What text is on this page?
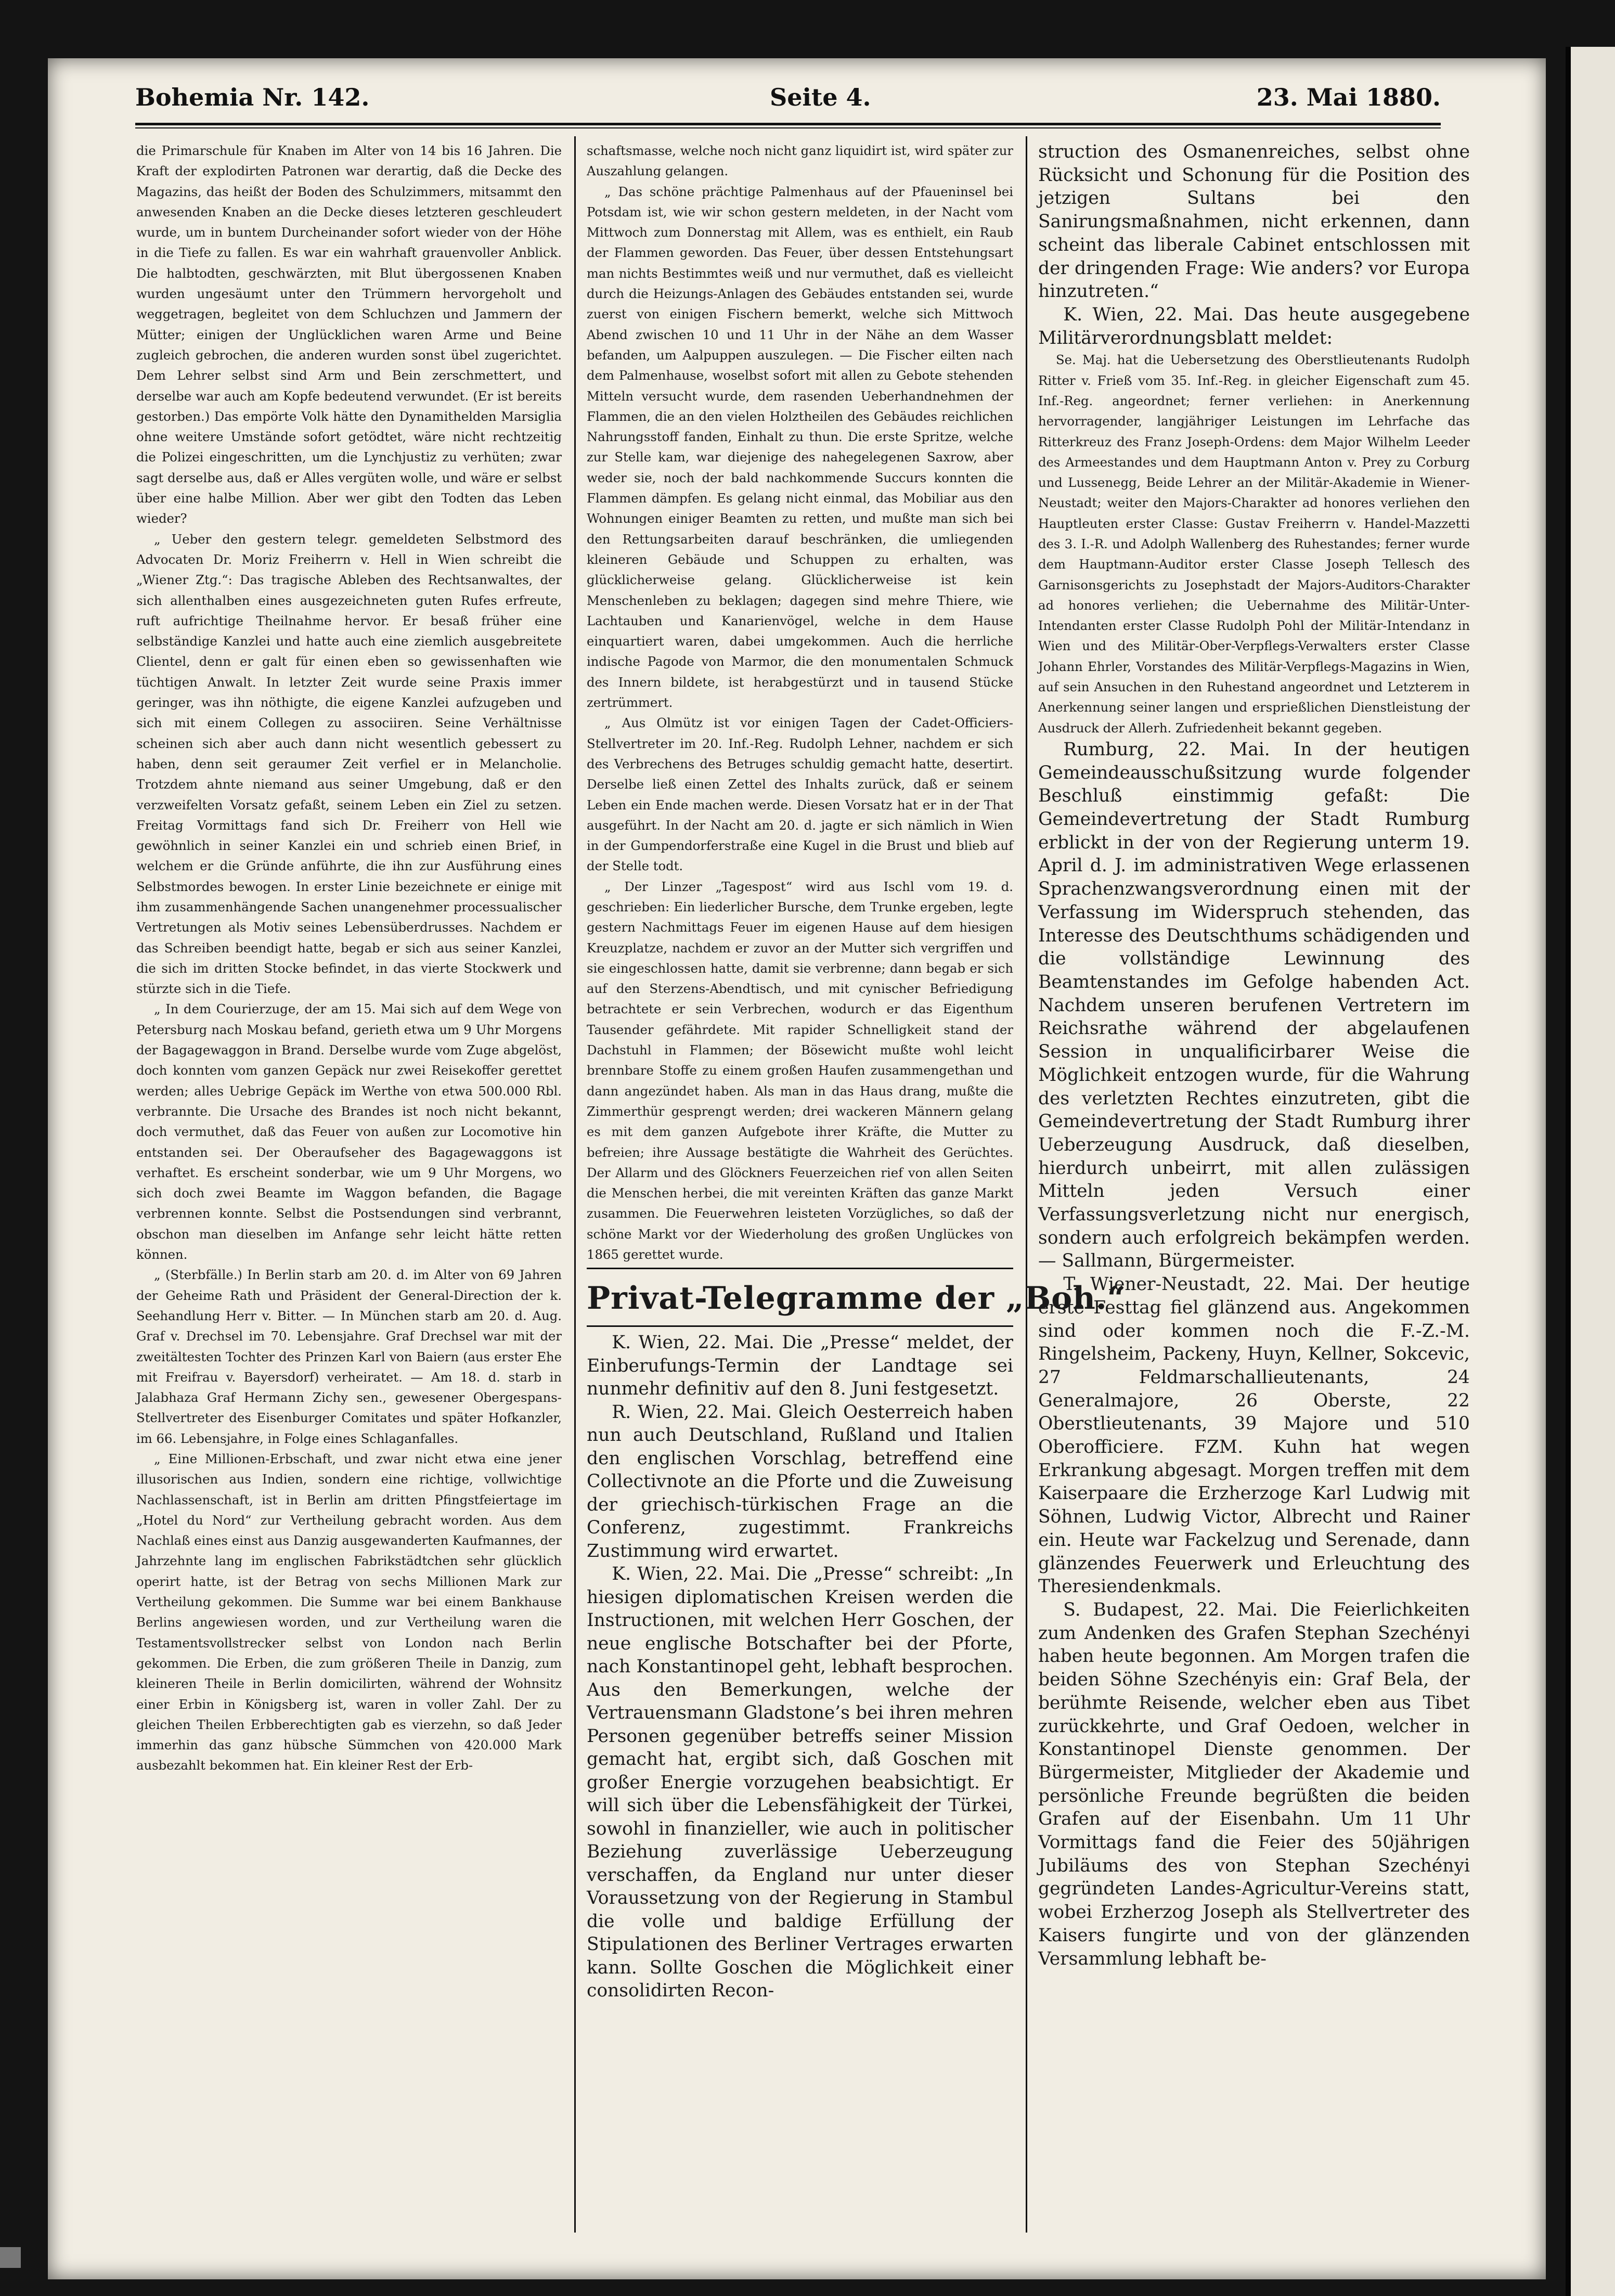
Bohemia Nr. 142.	Seite 4.	23. Mai 1880.

die Primarschule für Knaben im Alter von 14 bis 16 Jahren. Die Kraft der explodirten Patronen war derartig, daß die Decke des Magazins, das heißt der Boden des Schulzimmers, mitsammt den anwesenden Knaben an die Decke dieses letzteren geschleudert wurde, um in buntem Durcheinander sofort wieder von der Höhe in die Tiefe zu fallen. Es war ein wahrhaft grauenvoller Anblick. Die halbtodten, geschwärzten, mit Blut übergossenen Knaben wurden ungesäumt unter den Trümmern hervorgeholt und weggetragen, begleitet von dem Schluchzen und Jammern der Mütter; einigen der Unglücklichen waren Arme und Beine zugleich gebrochen, die anderen wurden sonst übel zugerichtet. Dem Lehrer selbst sind Arm und Bein zerschmettert, und derselbe war auch am Kopfe bedeutend verwundet. (Er ist bereits gestorben.) Das empörte Volk hätte den Dynamithelden Marsiglia ohne weitere Umstände sofort getödtet, wäre nicht rechtzeitig die Polizei eingeschritten, um die Lynchjustiz zu verhüten; zwar sagt derselbe aus, daß er Alles vergüten wolle, und wäre er selbst über eine halbe Million. Aber wer gibt den Todten das Leben wieder?

„ Ueber den gestern telegr. gemeldeten Selbstmord des Advocaten Dr. Moriz Freiherrn v. Hell in Wien schreibt die „Wiener Ztg.“: Das tragische Ableben des Rechtsanwaltes, der sich allenthalben eines ausgezeichneten guten Rufes erfreute, ruft aufrichtige Theilnahme hervor. Er besaß früher eine selbständige Kanzlei und hatte auch eine ziemlich ausgebreitete Clientel, denn er galt für einen eben so gewissenhaften wie tüchtigen Anwalt. In letzter Zeit wurde seine Praxis immer geringer, was ihn nöthigte, die eigene Kanzlei aufzugeben und sich mit einem Collegen zu associiren. Seine Verhältnisse scheinen sich aber auch dann nicht wesentlich gebessert zu haben, denn seit geraumer Zeit verfiel er in Melancholie. Trotzdem ahnte niemand aus seiner Umgebung, daß er den verzweifelten Vorsatz gefaßt, seinem Leben ein Ziel zu setzen. Freitag Vormittags fand sich Dr. Freiherr von Hell wie gewöhnlich in seiner Kanzlei ein und schrieb einen Brief, in welchem er die Gründe anführte, die ihn zur Ausführung eines Selbstmordes bewogen. In erster Linie bezeichnete er einige mit ihm zusammenhängende Sachen unangenehmer processualischer Vertretungen als Motiv seines Lebensüberdrusses. Nachdem er das Schreiben beendigt hatte, begab er sich aus seiner Kanzlei, die sich im dritten Stocke befindet, in das vierte Stockwerk und stürzte sich in die Tiefe.

„ In dem Courierzuge, der am 15. Mai sich auf dem Wege von Petersburg nach Moskau befand, gerieth etwa um 9 Uhr Morgens der Bagagewaggon in Brand. Derselbe wurde vom Zuge abgelöst, doch konnten vom ganzen Gepäck nur zwei Reisekoffer gerettet werden; alles Uebrige Gepäck im Werthe von etwa 500.000 Rbl. verbrannte. Die Ursache des Brandes ist noch nicht bekannt, doch vermuthet, daß das Feuer von außen zur Locomotive hin entstanden sei. Der Oberaufseher des Bagagewaggons ist verhaftet. Es erscheint sonderbar, wie um 9 Uhr Morgens, wo sich doch zwei Beamte im Waggon befanden, die Bagage verbrennen konnte. Selbst die Postsendungen sind verbrannt, obschon man dieselben im Anfange sehr leicht hätte retten können.

„ (Sterbfälle.) In Berlin starb am 20. d. im Alter von 69 Jahren der Geheime Rath und Präsident der General-Direction der k. Seehandlung Herr v. Bitter. — In München starb am 20. d. Aug. Graf v. Drechsel im 70. Lebensjahre. Graf Drechsel war mit der zweitältesten Tochter des Prinzen Karl von Baiern (aus erster Ehe mit Freifrau v. Bayersdorf) verheiratet. — Am 18. d. starb in Jalabhaza Graf Hermann Zichy sen., gewesener Obergespans-Stellvertreter des Eisenburger Comitates und später Hofkanzler, im 66. Lebensjahre, in Folge eines Schlaganfalles.

„ Eine Millionen-Erbschaft, und zwar nicht etwa eine jener illusorischen aus Indien, sondern eine richtige, vollwichtige Nachlassenschaft, ist in Berlin am dritten Pfingstfeiertage im „Hotel du Nord“ zur Vertheilung gebracht worden. Aus dem Nachlaß eines einst aus Danzig ausgewanderten Kaufmannes, der Jahrzehnte lang im englischen Fabrikstädtchen sehr glücklich operirt hatte, ist der Betrag von sechs Millionen Mark zur Vertheilung gekommen. Die Summe war bei einem Bankhause Berlins angewiesen worden, und zur Vertheilung waren die Testamentsvollstrecker selbst von London nach Berlin gekommen. Die Erben, die zum größeren Theile in Danzig, zum kleineren Theile in Berlin domicilirten, während der Wohnsitz einer Erbin in Königsberg ist, waren in voller Zahl. Der zu gleichen Theilen Erbberechtigten gab es vierzehn, so daß Jeder immerhin das ganz hübsche Sümmchen von 420.000 Mark ausbezahlt bekommen hat. Ein kleiner Rest der Erb-

schaftsmasse, welche noch nicht ganz liquidirt ist, wird später zur Auszahlung gelangen.

„ Das schöne prächtige Palmenhaus auf der Pfaueninsel bei Potsdam ist, wie wir schon gestern meldeten, in der Nacht vom Mittwoch zum Donnerstag mit Allem, was es enthielt, ein Raub der Flammen geworden. Das Feuer, über dessen Entstehungsart man nichts Bestimmtes weiß und nur vermuthet, daß es vielleicht durch die Heizungs-Anlagen des Gebäudes entstanden sei, wurde zuerst von einigen Fischern bemerkt, welche sich Mittwoch Abend zwischen 10 und 11 Uhr in der Nähe an dem Wasser befanden, um Aalpuppen auszulegen. — Die Fischer eilten nach dem Palmenhause, woselbst sofort mit allen zu Gebote stehenden Mitteln versucht wurde, dem rasenden Ueberhandnehmen der Flammen, die an den vielen Holztheilen des Gebäudes reichlichen Nahrungsstoff fanden, Einhalt zu thun. Die erste Spritze, welche zur Stelle kam, war diejenige des nahegelegenen Saxrow, aber weder sie, noch der bald nachkommende Succurs konnten die Flammen dämpfen. Es gelang nicht einmal, das Mobiliar aus den Wohnungen einiger Beamten zu retten, und mußte man sich bei den Rettungsarbeiten darauf beschränken, die umliegenden kleineren Gebäude und Schuppen zu erhalten, was glücklicherweise gelang. Glücklicherweise ist kein Menschenleben zu beklagen; dagegen sind mehre Thiere, wie Lachtauben und Kanarienvögel, welche in dem Hause einquartiert waren, dabei umgekommen. Auch die herrliche indische Pagode von Marmor, die den monumentalen Schmuck des Innern bildete, ist herabgestürzt und in tausend Stücke zertrümmert.

„ Aus Olmütz ist vor einigen Tagen der Cadet-Officiers-Stellvertreter im 20. Inf.-Reg. Rudolph Lehner, nachdem er sich des Verbrechens des Betruges schuldig gemacht hatte, desertirt. Derselbe ließ einen Zettel des Inhalts zurück, daß er seinem Leben ein Ende machen werde. Diesen Vorsatz hat er in der That ausgeführt. In der Nacht am 20. d. jagte er sich nämlich in Wien in der Gumpendorferstraße eine Kugel in die Brust und blieb auf der Stelle todt.

„ Der Linzer „Tagespost“ wird aus Ischl vom 19. d. geschrieben: Ein liederlicher Bursche, dem Trunke ergeben, legte gestern Nachmittags Feuer im eigenen Hause auf dem hiesigen Kreuzplatze, nachdem er zuvor an der Mutter sich vergriffen und sie eingeschlossen hatte, damit sie verbrenne; dann begab er sich auf den Sterzens-Abendtisch, und mit cynischer Befriedigung betrachtete er sein Verbrechen, wodurch er das Eigenthum Tausender gefährdete. Mit rapider Schnelligkeit stand der Dachstuhl in Flammen; der Bösewicht mußte wohl leicht brennbare Stoffe zu einem großen Haufen zusammengethan und dann angezündet haben. Als man in das Haus drang, mußte die Zimmerthür gesprengt werden; drei wackeren Männern gelang es mit dem ganzen Aufgebote ihrer Kräfte, die Mutter zu befreien; ihre Aussage bestätigte die Wahrheit des Gerüchtes. Der Allarm und des Glöckners Feuerzeichen rief von allen Seiten die Menschen herbei, die mit vereinten Kräften das ganze Markt zusammen. Die Feuerwehren leisteten Vorzügliches, so daß der schöne Markt vor der Wiederholung des großen Unglückes von 1865 gerettet wurde.

Privat-Telegramme der „Boh.“

K. Wien, 22. Mai. Die „Presse“ meldet, der Einberufungs-Termin der Landtage sei nunmehr definitiv auf den 8. Juni festgesetzt.

R. Wien, 22. Mai. Gleich Oesterreich haben nun auch Deutschland, Rußland und Italien den englischen Vorschlag, betreffend eine Collectivnote an die Pforte und die Zuweisung der griechisch-türkischen Frage an die Conferenz, zugestimmt. Frankreichs Zustimmung wird erwartet.

K. Wien, 22. Mai. Die „Presse“ schreibt: „In hiesigen diplomatischen Kreisen werden die Instructionen, mit welchen Herr Goschen, der neue englische Botschafter bei der Pforte, nach Konstantinopel geht, lebhaft besprochen. Aus den Bemerkungen, welche der Vertrauensmann Gladstone’s bei ihren mehren Personen gegenüber betreffs seiner Mission gemacht hat, ergibt sich, daß Goschen mit großer Energie vorzugehen beabsichtigt. Er will sich über die Lebensfähigkeit der Türkei, sowohl in finanzieller, wie auch in politischer Beziehung zuverlässige Ueberzeugung verschaffen, da England nur unter dieser Voraussetzung von der Regierung in Stambul die volle und baldige Erfüllung der Stipulationen des Berliner Vertrages erwarten kann. Sollte Goschen die Möglichkeit einer consolidirten Recon-

struction des Osmanenreiches, selbst ohne Rücksicht und Schonung für die Position des jetzigen Sultans bei den Sanirungsmaßnahmen, nicht erkennen, dann scheint das liberale Cabinet entschlossen mit der dringenden Frage: Wie anders? vor Europa hinzutreten.“

K. Wien, 22. Mai. Das heute ausgegebene Militärverordnungsblatt meldet:

Se. Maj. hat die Uebersetzung des Oberstlieutenants Rudolph Ritter v. Frieß vom 35. Inf.-Reg. in gleicher Eigenschaft zum 45. Inf.-Reg. angeordnet; ferner verliehen: in Anerkennung hervorragender, langjähriger Leistungen im Lehrfache das Ritterkreuz des Franz Joseph-Ordens: dem Major Wilhelm Leeder des Armeestandes und dem Hauptmann Anton v. Prey zu Corburg und Lussenegg, Beide Lehrer an der Militär-Akademie in Wiener-Neustadt; weiter den Majors-Charakter ad honores verliehen den Hauptleuten erster Classe: Gustav Freiherrn v. Handel-Mazzetti des 3. I.-R. und Adolph Wallenberg des Ruhestandes; ferner wurde dem Hauptmann-Auditor erster Classe Joseph Tellesch des Garnisonsgerichts zu Josephstadt der Majors-Auditors-Charakter ad honores verliehen; die Uebernahme des Militär-Unter-Intendanten erster Classe Rudolph Pohl der Militär-Intendanz in Wien und des Militär-Ober-Verpflegs-Verwalters erster Classe Johann Ehrler, Vorstandes des Militär-Verpflegs-Magazins in Wien, auf sein Ansuchen in den Ruhestand angeordnet und Letzterem in Anerkennung seiner langen und ersprießlichen Dienstleistung der Ausdruck der Allerh. Zufriedenheit bekannt gegeben.

Rumburg, 22. Mai. In der heutigen Gemeindeausschußsitzung wurde folgender Beschluß einstimmig gefaßt: Die Gemeindevertretung der Stadt Rumburg erblickt in der von der Regierung unterm 19. April d. J. im administrativen Wege erlassenen Sprachenzwangsverordnung einen mit der Verfassung im Widerspruch stehenden, das Interesse des Deutschthums schädigenden und die vollständige Lewinnung des Beamtenstandes im Gefolge habenden Act. Nachdem unseren berufenen Vertretern im Reichsrathe während der abgelaufenen Session in unqualificirbarer Weise die Möglichkeit entzogen wurde, für die Wahrung des verletzten Rechtes einzutreten, gibt die Gemeindevertretung der Stadt Rumburg ihrer Ueberzeugung Ausdruck, daß dieselben, hierdurch unbeirrt, mit allen zulässigen Mitteln jeden Versuch einer Verfassungsverletzung nicht nur energisch, sondern auch erfolgreich bekämpfen werden. — Sallmann, Bürgermeister.

T. Wiener-Neustadt, 22. Mai. Der heutige erste Festtag fiel glänzend aus. Angekommen sind oder kommen noch die F.-Z.-M. Ringelsheim, Packeny, Huyn, Kellner, Sokcevic, 27 Feldmarschallieutenants, 24 Generalmajore, 26 Oberste, 22 Oberstlieutenants, 39 Majore und 510 Oberofficiere. FZM. Kuhn hat wegen Erkrankung abgesagt. Morgen treffen mit dem Kaiserpaare die Erzherzoge Karl Ludwig mit Söhnen, Ludwig Victor, Albrecht und Rainer ein. Heute war Fackelzug und Serenade, dann glänzendes Feuerwerk und Erleuchtung des Theresiendenkmals.

S. Budapest, 22. Mai. Die Feierlichkeiten zum Andenken des Grafen Stephan Szechényi haben heute begonnen. Am Morgen trafen die beiden Söhne Szechényis ein: Graf Bela, der berühmte Reisende, welcher eben aus Tibet zurückkehrte, und Graf Oedoen, welcher in Konstantinopel Dienste genommen. Der Bürgermeister, Mitglieder der Akademie und persönliche Freunde begrüßten die beiden Grafen auf der Eisenbahn. Um 11 Uhr Vormittags fand die Feier des 50jährigen Jubiläums des von Stephan Szechényi gegründeten Landes-Agricultur-Vereins statt, wobei Erzherzog Joseph als Stellvertreter des Kaisers fungirte und von der glänzenden Versammlung lebhaft be-
